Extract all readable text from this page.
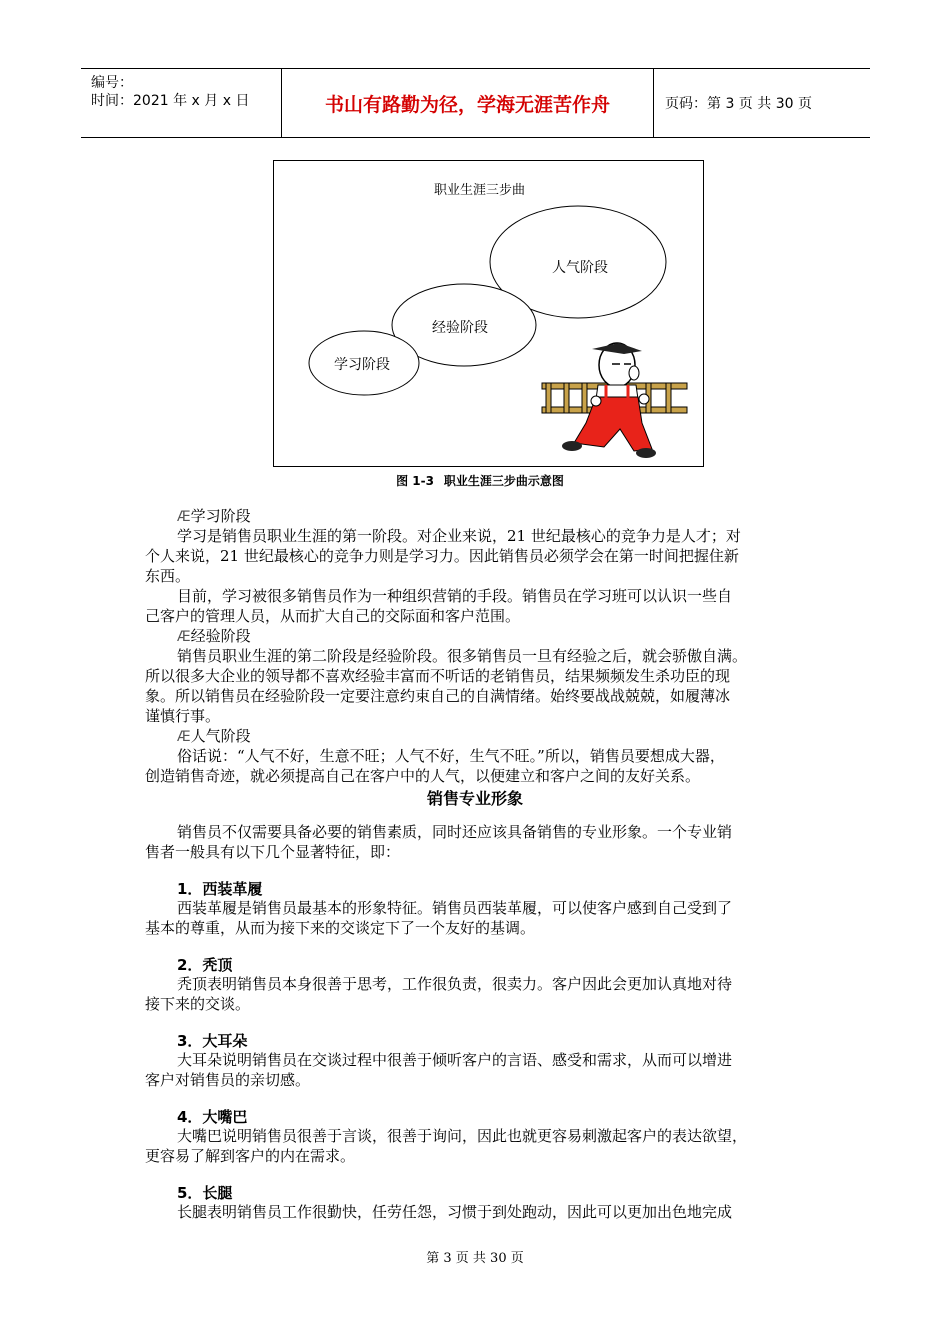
编号：
时间：2021 年 x 月 x 日	书山有路勤为径，学海无涯苦作舟	页码：第 3 页 共 30 页
职业生涯三步曲
人气阶段
经验阶段
学习阶段
图 1-3 职业生涯三步曲示意图
Æ学习阶段
学习是销售员职业生涯的第一阶段。对企业来说，21 世纪最核心的竞争力是人才；对
个人来说，21 世纪最核心的竞争力则是学习力。因此销售员必须学会在第一时间把握住新
东西。
目前，学习被很多销售员作为一种组织营销的手段。销售员在学习班可以认识一些自
己客户的管理人员，从而扩大自己的交际面和客户范围。
Æ经验阶段
销售员职业生涯的第二阶段是经验阶段。很多销售员一旦有经验之后，就会骄傲自满。
所以很多大企业的领导都不喜欢经验丰富而不听话的老销售员，结果频频发生杀功臣的现
象。所以销售员在经验阶段一定要注意约束自己的自满情绪。始终要战战兢兢，如履薄冰
谨慎行事。
Æ人气阶段
俗话说：“人气不好，生意不旺；人气不好，生气不旺。”所以，销售员要想成大器，
创造销售奇迹，就必须提高自己在客户中的人气，以便建立和客户之间的友好关系。
销售专业形象
销售员不仅需要具备必要的销售素质，同时还应该具备销售的专业形象。一个专业销
售者一般具有以下几个显著特征，即：
1．西装革履
西装革履是销售员最基本的形象特征。销售员西装革履，可以使客户感到自己受到了
基本的尊重，从而为接下来的交谈定下了一个友好的基调。
2．秃顶
秃顶表明销售员本身很善于思考，工作很负责，很卖力。客户因此会更加认真地对待
接下来的交谈。
3．大耳朵
大耳朵说明销售员在交谈过程中很善于倾听客户的言语、感受和需求，从而可以增进
客户对销售员的亲切感。
4．大嘴巴
大嘴巴说明销售员很善于言谈，很善于询问，因此也就更容易刺激起客户的表达欲望，
更容易了解到客户的内在需求。
5．长腿
长腿表明销售员工作很勤快，任劳任怨，习惯于到处跑动，因此可以更加出色地完成
第 3 页 共 30 页
